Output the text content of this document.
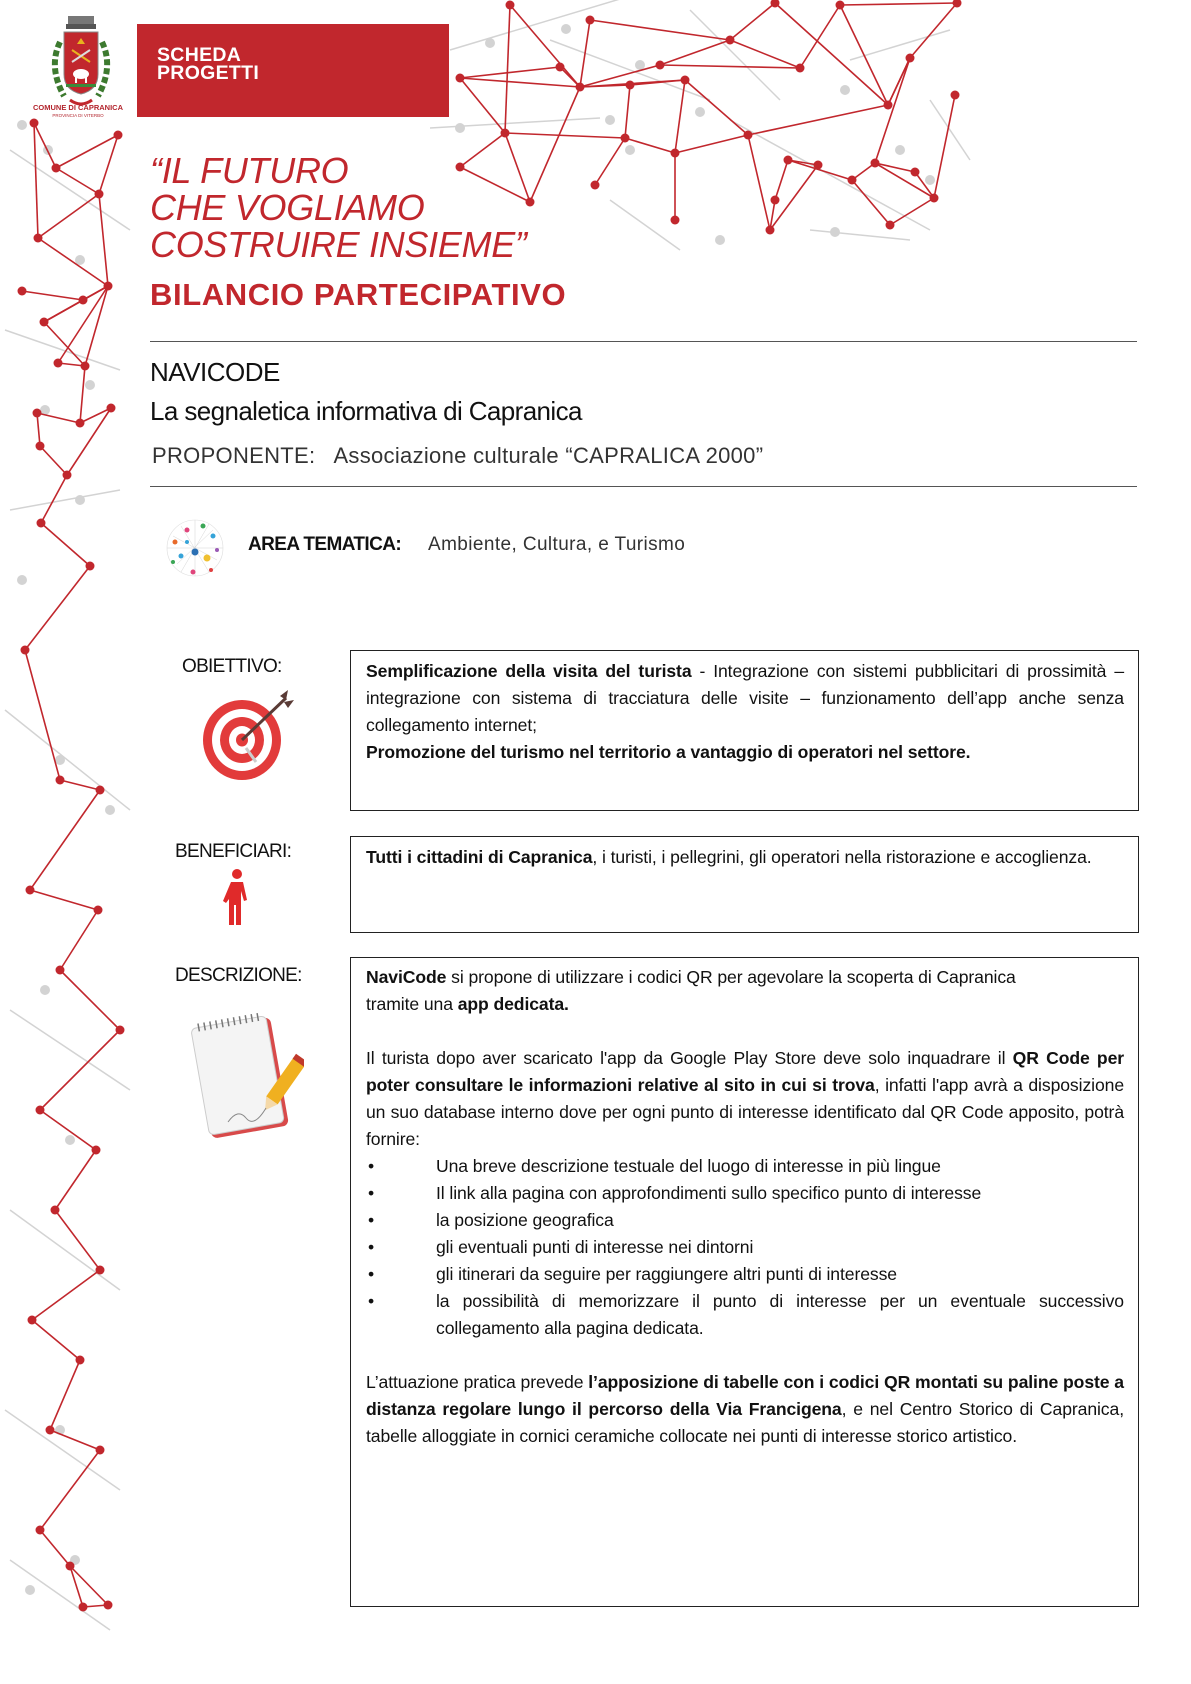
COMUNE DI CAPRANICA
PROVINCIA DI VITERBO
SCHEDA
PROGETTI
“IL FUTURO
CHE VOGLIAMO
COSTRUIRE INSIEME”
BILANCIO PARTECIPATIVO
NAVICODE
La segnaletica informativa di Capranica
PROPONENTE: Associazione culturale “CAPRALICA 2000”
AREA TEMATICA: Ambiente, Cultura, e Turismo
OBIETTIVO:	Semplificazione della visita del turista - Integrazione con sistemi pubblicitari di prossimità – integrazione con sistema di tracciatura delle visite – funzionamento dell’app anche senza collegamento internet;
Promozione del turismo nel territorio a vantaggio di operatori nel settore.
BENEFICIARI:	Tutti i cittadini di Capranica, i turisti, i pellegrini, gli operatori nella ristorazione e accoglienza.
DESCRIZIONE:	NaviCode si propone di utilizzare i codici QR per agevolare la scoperta di Capranica
tramite una app dedicata.
Il turista dopo aver scaricato l'app da Google Play Store deve solo inquadrare il QR Code per poter consultare le informazioni relative al sito in cui si trova, infatti l'app avrà a disposizione un suo database interno dove per ogni punto di interesse identificato dal QR Code apposito, potrà fornire:
• Una breve descrizione testuale del luogo di interesse in più lingue
• Il link alla pagina con approfondimenti sullo specifico punto di interesse
• la posizione geografica
• gli eventuali punti di interesse nei dintorni
• gli itinerari da seguire per raggiungere altri punti di interesse
• la possibilità di memorizzare il punto di interesse per un eventuale successivo collegamento alla pagina dedicata.
L’attuazione pratica prevede l’apposizione di tabelle con i codici QR montati su paline poste a distanza regolare lungo il percorso della Via Francigena, e nel Centro Storico di Capranica, tabelle alloggiate in cornici ceramiche collocate nei punti di interesse storico artistico.
